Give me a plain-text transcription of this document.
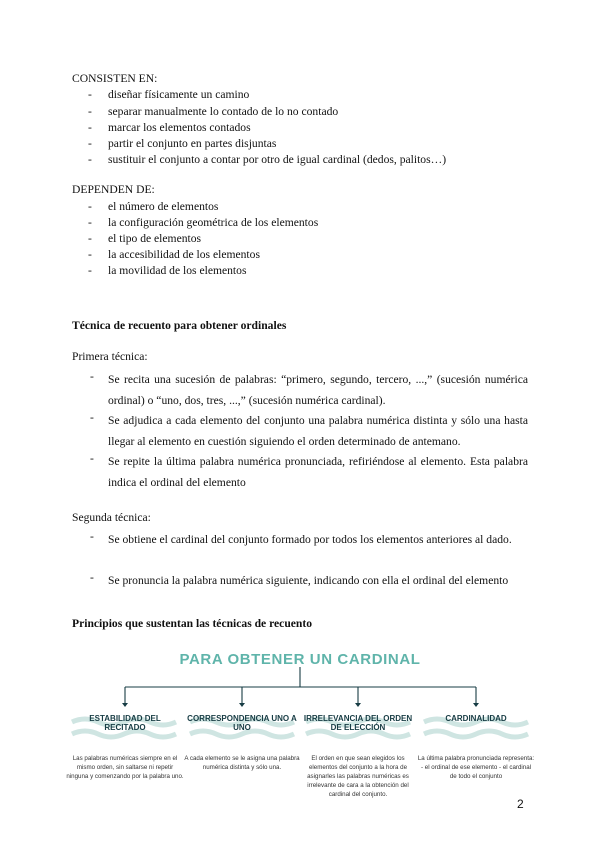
CONSISTEN EN:
- diseñar físicamente un camino
- separar manualmente lo contado de lo no contado
- marcar los elementos contados
- partir el conjunto en partes disjuntas
- sustituir el conjunto a contar por otro de igual cardinal (dedos, palitos…)
DEPENDEN DE:
- el número de elementos
- la configuración geométrica de los elementos
- el tipo de elementos
- la accesibilidad de los elementos
- la movilidad de los elementos
Técnica de recuento para obtener ordinales
Primera técnica:
- Se recita una sucesión de palabras: “primero, segundo, tercero, ...,” (sucesión numérica ordinal) o “uno, dos, tres, ...,” (sucesión numérica cardinal).
- Se adjudica a cada elemento del conjunto una palabra numérica distinta y sólo una hasta llegar al elemento en cuestión siguiendo el orden determinado de antemano.
- Se repite la última palabra numérica pronunciada, refiriéndose al elemento. Esta palabra indica el ordinal del elemento
Segunda técnica:
- Se obtiene el cardinal del conjunto formado por todos los elementos anteriores al dado.
- Se pronuncia la palabra numérica siguiente, indicando con ella el ordinal del elemento
Principios que sustentan las técnicas de recuento
PARA OBTENER UN CARDINAL
ESTABILIDAD DEL RECITADO
CORRESPONDENCIA UNO A UNO
IRRELEVANCIA DEL ORDEN DE ELECCIÓN
CARDINALIDAD
Las palabras numéricas siempre en el mismo orden, sin saltarse ni repetir ninguna y comenzando por la palabra uno.
A cada elemento se le asigna una palabra numérica distinta y sólo una.
El orden en que sean elegidos los elementos del conjunto a la hora de asignarles las palabras numéricas es irrelevante de cara a la obtención del cardinal del conjunto.
La última palabra pronunciada representa: - el ordinal de ese elemento - el cardinal de todo el conjunto
2
